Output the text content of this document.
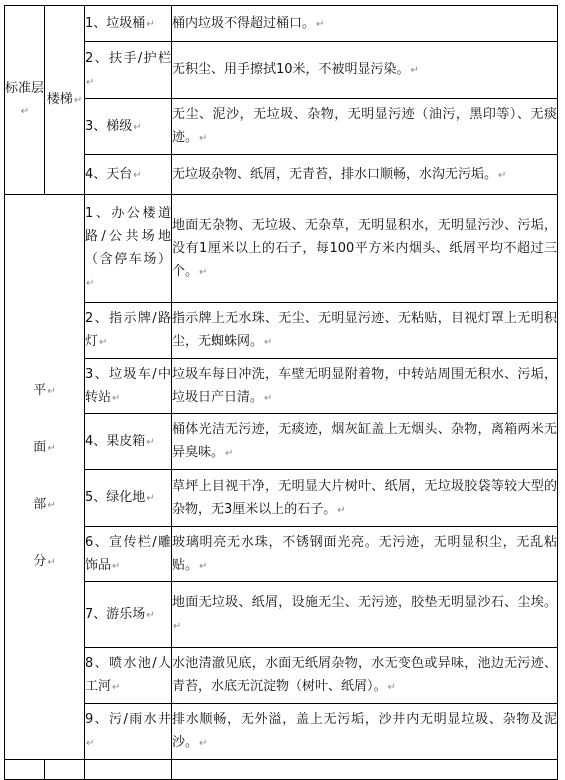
标准层↵	楼梯↵	1、垃圾桶↵	桶内垃圾不得超过桶口。↵
		2、扶手/护栏↵	无积尘、用手擦拭10米，不被明显污染。↵
		3、梯级↵	无尘、泥沙，无垃圾、杂物，无明显污迹（油污，黑印等）、无痰迹。↵
		4、天台↵	无垃圾杂物、纸屑，无青苔，排水口顺畅，水沟无污垢。↵

平↵
面↵
部↵
分↵		1、办公楼道路/公共场地（含停车场）↵	地面无杂物、无垃圾、无杂草，无明显积水，无明显污沙、污垢，没有1厘米以上的石子，每100平方米内烟头、纸屑平均不超过三个。↵
		2、指示牌/路灯↵	指示牌上无水珠、无尘、无明显污迹、无粘贴，目视灯罩上无明积尘，无蜘蛛网。↵
		3、垃圾车/中转站↵	垃圾车每日冲洗，车壁无明显附着物，中转站周围无积水、污垢，垃圾日产日清。↵
		4、果皮箱↵	桶体光洁无污迹，无痰迹，烟灰缸盖上无烟头、杂物，离箱两米无异臭味。↵
		5、绿化地↵	草坪上目视干净，无明显大片树叶、纸屑，无垃圾胶袋等较大型的杂物，无3厘米以上的石子。↵
		6、宣传栏/雕饰品↵	玻璃明亮无水珠，不锈钢面光亮。无污迹，无明显积尘，无乱粘贴。↵
		7、游乐场↵	地面无垃圾、纸屑，设施无尘、无污迹，胶垫无明显沙石、尘埃。↵
		8、喷水池/人工河↵	水池清澈见底，水面无纸屑杂物，水无变色或异味，池边无污迹、青苔，水底无沉淀物（树叶、纸屑）。↵
		9、污/雨水井↵	排水顺畅，无外溢，盖上无污垢，沙井内无明显垃圾、杂物及泥沙。↵
